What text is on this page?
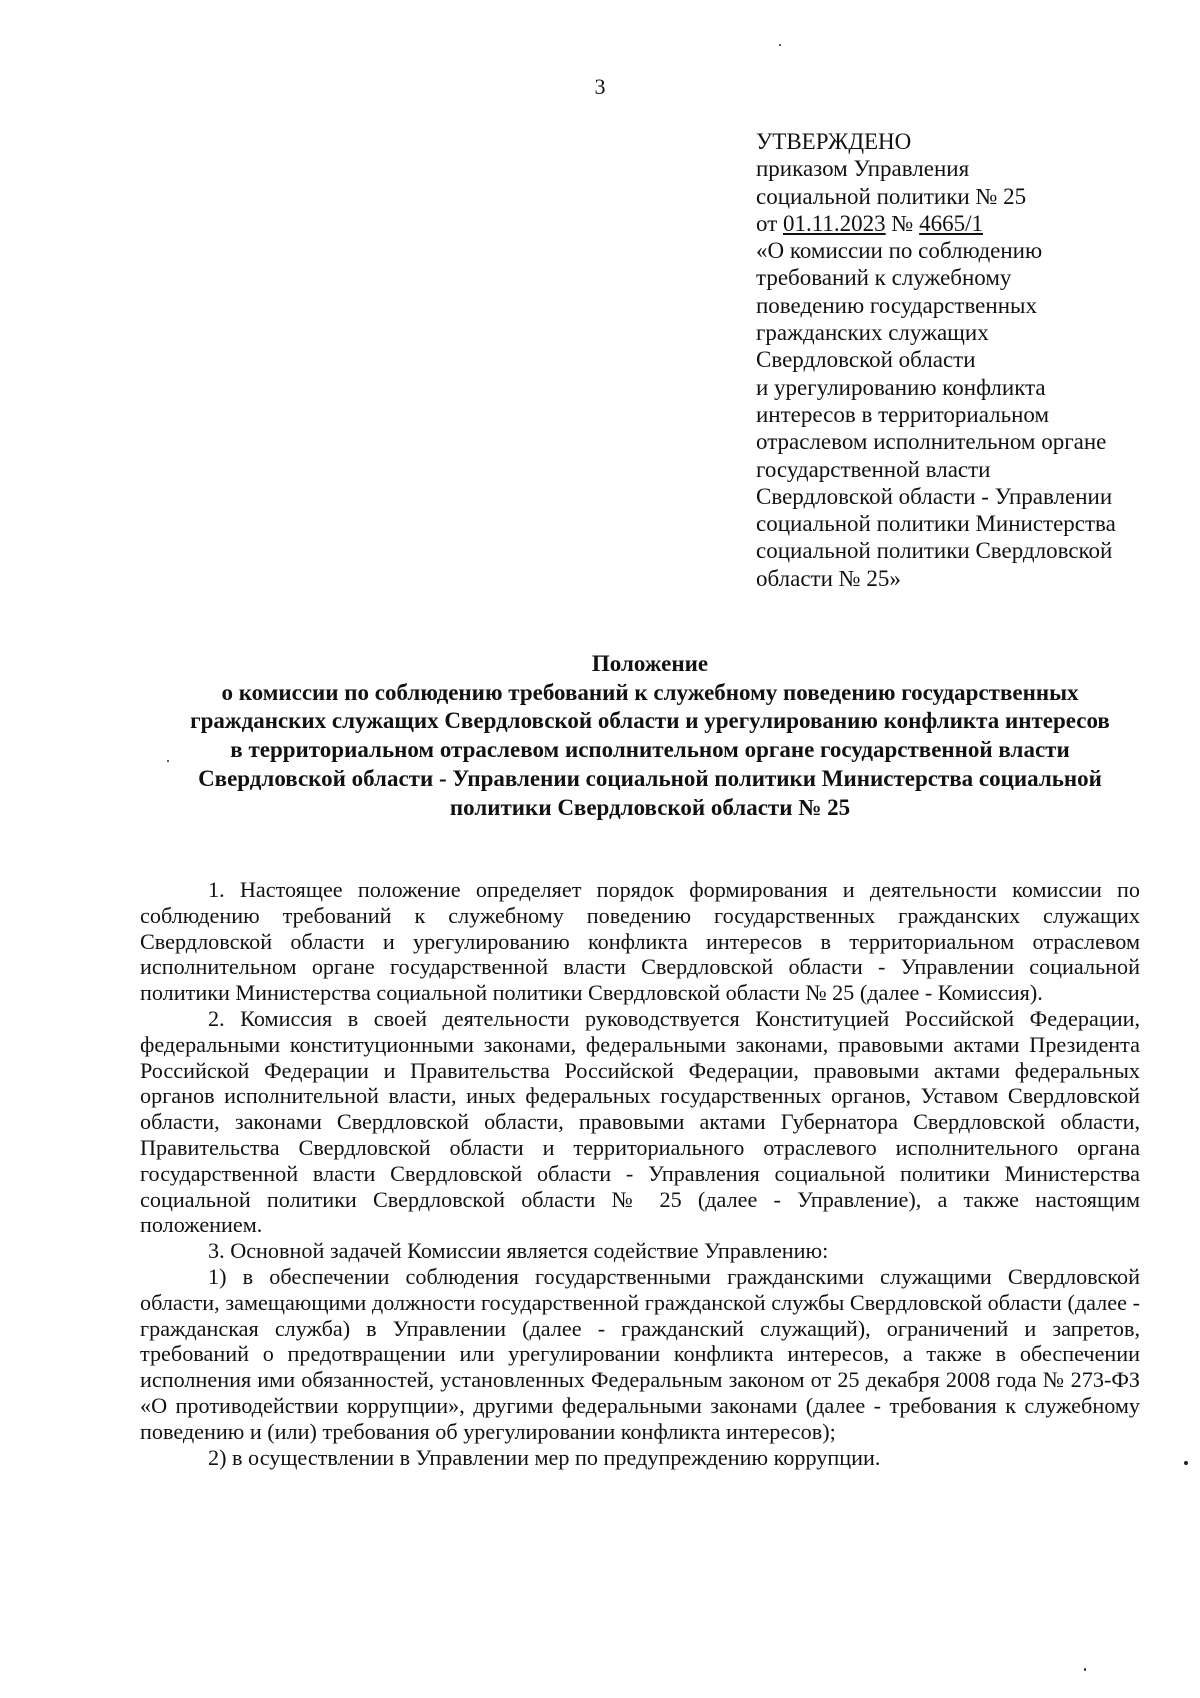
3
УТВЕРЖДЕНО
приказом Управления
социальной политики № 25
от 01.11.2023 № 4665/1
«О комиссии по соблюдению
требований к служебному
поведению государственных
гражданских служащих
Свердловской области
и урегулированию конфликта
интересов в территориальном
отраслевом исполнительном органе
государственной власти
Свердловской области - Управлении
социальной политики Министерства
социальной политики Свердловской
области № 25»
Положение
о комиссии по соблюдению требований к служебному поведению государственных
гражданских служащих Свердловской области и урегулированию конфликта интересов
в территориальном отраслевом исполнительном органе государственной власти
Свердловской области - Управлении социальной политики Министерства социальной
политики Свердловской области № 25

1. Настоящее положение определяет порядок формирования и деятельности комиссии по соблюдению требований к служебному поведению государственных гражданских служащих Свердловской области и урегулированию конфликта интересов в территориальном отраслевом исполнительном органе государственной власти Свердловской области - Управлении социальной политики Министерства социальной политики Свердловской области № 25 (далее - Комиссия).

2. Комиссия в своей деятельности руководствуется Конституцией Российской Федерации, федеральными конституционными законами, федеральными законами, правовыми актами Президента Российской Федерации и Правительства Российской Федерации, правовыми актами федеральных органов исполнительной власти, иных федеральных государственных органов, Уставом Свердловской области, законами Свердловской области, правовыми актами Губернатора Свердловской области, Правительства Свердловской области и территориального отраслевого исполнительного органа государственной власти Свердловской области - Управления социальной политики Министерства социальной политики Свердловской области № 25 (далее - Управление), а также настоящим положением.

3. Основной задачей Комиссии является содействие Управлению:

1) в обеспечении соблюдения государственными гражданскими служащими Свердловской области, замещающими должности государственной гражданской службы Свердловской области (далее - гражданская служба) в Управлении (далее - гражданский служащий), ограничений и запретов, требований о предотвращении или урегулировании конфликта интересов, а также в обеспечении исполнения ими обязанностей, установленных Федеральным законом от 25 декабря 2008 года № 273-ФЗ «О противодействии коррупции», другими федеральными законами (далее - требования к служебному поведению и (или) требования об урегулировании конфликта интересов);

2) в осуществлении в Управлении мер по предупреждению коррупции.
